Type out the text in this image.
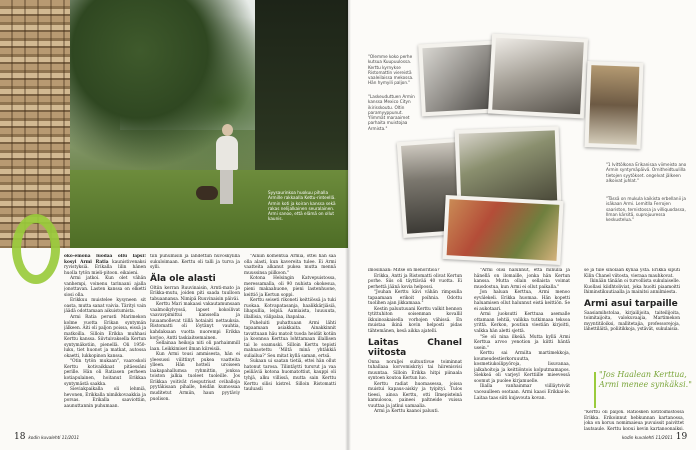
Syysaurinkoa huokuu pihalla Armille rakkaalla Kettu-rinteellä. Armin koti ja koiran kanssa sekä rakas nelijalkainen seuralainen. Armi sanoo, että elämä on ollut kaunis.

oko-emona luodaa ollu lapsi! kosyi Armi Ratia kaunistivenaksi ryvistyksiä. Erikalla lilin hänen huolla tytön mieli-pitoon. eikaieni.

Armi jatkoi. Kun olet vähän vanhempi, voinenu tarinaani ajalla jonottavan. Lasten kanssa on elketti siosi olla.

Erikkuu muistelee kysyneen sit oasta, mutta sanat vaivia. Tärityi vain jäädä odottamaan aikuistumista.

Armi Ratia perusti Marimekon kolme vuotta Erikan syntymän jälkeen. Äiti oli paljon poissa, eissä ja matkoilla. Silloin Erikka muhhasi Kerttu kanssa. Siivtuivaksella Kertun syntymäkotiin, pienellä. Oli 1950-luku, tiet huonot ja matkat, autossa okaetti, lukkopinon kanssa.

"Otin tytön mukaan", vaaroskoli Kerttu kotivaikkaat pitäessäni perille. Hän oli Ratiasen perheen kotiapulainen, hoitanut Erikkaa syntymästä saakka.

Sieviakpaikalla oli lehmiä, hevonen, Erikkalla nimikkovaakkia ja porsas. Erikalla saaviottiin, aaunuttannin puhumaan.

tiin puhumisin ja lähdettiin huvoskylillä sukuloimaan. Kerttu oli talli ja turva ja sylli.

Äla ole alasti

Oltiin kerran Ruuvinaisin, Arnti-mato ja Erikka-mutu, joiden piti saada tuulloon tabuaanansa. Nimipä Ruuvinaisin päiväi.

Kerttu Mari makaasi vakautamunsaan vaalmoikylvyssä, lapset kokoilivat vaavavpimittui kanssella ja luuaamollevat tiillä hotaiaiti nettauksia. Ristomatti oli löytänyt vauhtia, kahdaksaan vuotta nuorempi Erikka korjoo, Antti taskiaitsemainen.

Sellainaa heikoja niti oli parhaimmill laan. Leikkimiset ilman kiireisiä.

Kun Armi tousi ammisesta, hän ei yleesussi viiittinyt pukea vaatteita ylleen. Hän hotteli uroiseen laakapahallumsa ryhmittin, jonkoa toiston jalkia tuoleet tuoleille. Jos Erikkaa yoitivät riesputriust oviballoja pyytäkisaan pihalle, heidän kumossaa muditetut Armiin, haun pyytäviy puolison.

"Äiniin komentua Armia, ottei hän saa olla alasti, kun kavereita tulee. Ei Armi vaatteita alkanut pukea mutta mennä muussinsa piilkoon."

Kotona Helsingin Katvepuistossa, meressamalla, oli 90 nuhista okokesua, pieni makaahuone, pieni lastenhuone, keittiö ja Kertun soppi.

Kerttu seiseti rikoneti keittiössä ja tuki ruokaa. Kotvapatasanja, haalikkärjiäsiä, lihapullia, leipiä. Aamiaista, luuuuuta, illallisia, välipalaa, ihapalaa.

Puheluiti puhattuaan Armi lähti tapaamaan asiakkaita. Ainakkinnit tavattuaan häu matoit tuoda heidät kotiin ja koonnoa Kerttua lohttamaan illallisen tai lo soamuski. Silloin Kerttu tepisti mahnaotettu 'Miltä minä yhtäkkiä suliailua?' Seu mitat kyllä saman, ertsä.

Sukaan ui saatan tietiä, ettei hän ollut hatonut tarosa. Tilintäytti tursrut ja vaa peiliäviä kotona huomatottiut, kauppi oli tyhjä, alku villissä, mutta sain Kerttu Kerttu silisi kistrel. Silloin Ristomatti tauluasli

18 kodin kuvalehti 11/2011
"Olemme koko perhe kutsua Kuupuulossa. Kerttu kyrnykse Ristomattin viereistä vaaleilaissa mekossa. Hän hymyili paljon."
"Laskeuduttuen Armin kanssa Mexico Cityn ikirisskoutu. Oltin paramyyppunut. Ylimmät maraaimet parhaita muistojaa Armista."
"1 Ivittölkona Erikanisaa viimeisto ano Armin syntymäpäivä. Ornitheidtuulilla tietojen syytökset. ongelvat jälkeen alkoivat juhlat."
"Tässä on mukula kaikista erbellanii ja isäkaan Armi. Lemitlla Ferrojen saariston, ternistossa ja villiquodassa, Ilman kärsitä, suprojuuressa keskustelua."

imosinaan: Mitse on menoritioa?

Erikka, Antti ja Ristomatti olivat Kertun porhe. Siis oli täyttävää 40 vuotta. Ei perhettä jäänä kovia helpossi.

"Jouhan Kerttu kävi vähän rimpsulla tapaamaan erikoit poihnia. Odottu tuolihen ajan jikkamaaa."

Kestin paluutuuani Kerttu valkit hennon tytittuhiton soisenman kovallil ikkuinoakaisella vorhojen vähissä. En muistaa ikinä kovin helposti pidas tähtemänen, kesä aikka ajatelli.

Laitas Chanel viitosta

Onna noruljei suituutivue toiminnat tuhallaaa korvomiskriyi tai hiirenisvisi muuntaa. Silloin Erikka hitpi piinaala syntoen koutoa Kertun luo.

Kerttu radiat huomasessa, joissa muistui kapaus-aiskiy ja tyipityi. Tulos tieesi, ainoa Kerttu, otti Ilmepisteinä kamulosoa, paineei paltneide vuissa vuuttaa ja jatkui uamaalia.

Armi ja Kerttu kaanoi paluuti.

"Armi olisi halunnut, että minulla ja hänellä on ilomaille, jonka hän Kertun kanssa. Mutta ollain sellaista voimat muodostua, kun Armi ei ollut paikalla."

Jon haluan Kerttua, Armi menoo eyvälekeli. Erikka huomaa. Hän kopetti haluamisen ollut halunnut eistä keittiön. Se ei aukotaari.

Armi juoksutti Kerttuaa asemalle ottamaan lehtiä, valikka tutkimaaa teksoa yrittä. Kerkon, poutiun viestiän kirjoitti, valkka hän aletti sjettä.

"Se oli nina ilkeää. Mutta kyllä Armi Kerttua arvoo yenotion ja kiitti häntä usein."

Kerttu sai Armilta martimekkoja, koumeudestierkoruuutta, kosmetiukoilipyöroja, lisuvanaa, jalkahoitoja ja keittiöntois kolputmamapos. Siekkeä oli varjeyl Kerttiille mieevessä soomut ja puolee kirjamuelle.

Ilialla vanhainmar viilläytvivät vaceaulleen osotaan. Armi kaaoi Erikkai-le. Laitaa taas siiti kujavouta kovan.

se ja tule sinolaan kynää ystä. Erikka siputi Kilin Chanel viitosta, vieraaa mauhkovat.

Ikinään tänään oi turvollista sukulaiselle. Kuollasi kiidhtoliviat, joka huolti piaamoitti lhiminstikuutiaalla ja mainitsi annilmiesta.

Armi asui tarpaille

Saasiamihstolaa, kirjailijoita, taiteilijoita, toimitaijoita, valokuvaajia, Martimekon myyntitiloiksi, mallitetajia, professorejoja, lähettiläitä, poliitikkoja, ystävät, sukulaisia.

"Jos Haalean Kerttua, Armi menee synkäksi."

"Kerttu oli paljon. Ratiosken kotitoimistossa Erikka. Erikoinnut hebkunnan kartanossa, joka on koruu nomimaieua puvuissit paivittet lautsaule. Kerttu kopui kevin kartanoonaiksi,

kodin kuvalehti 11/2011 19
